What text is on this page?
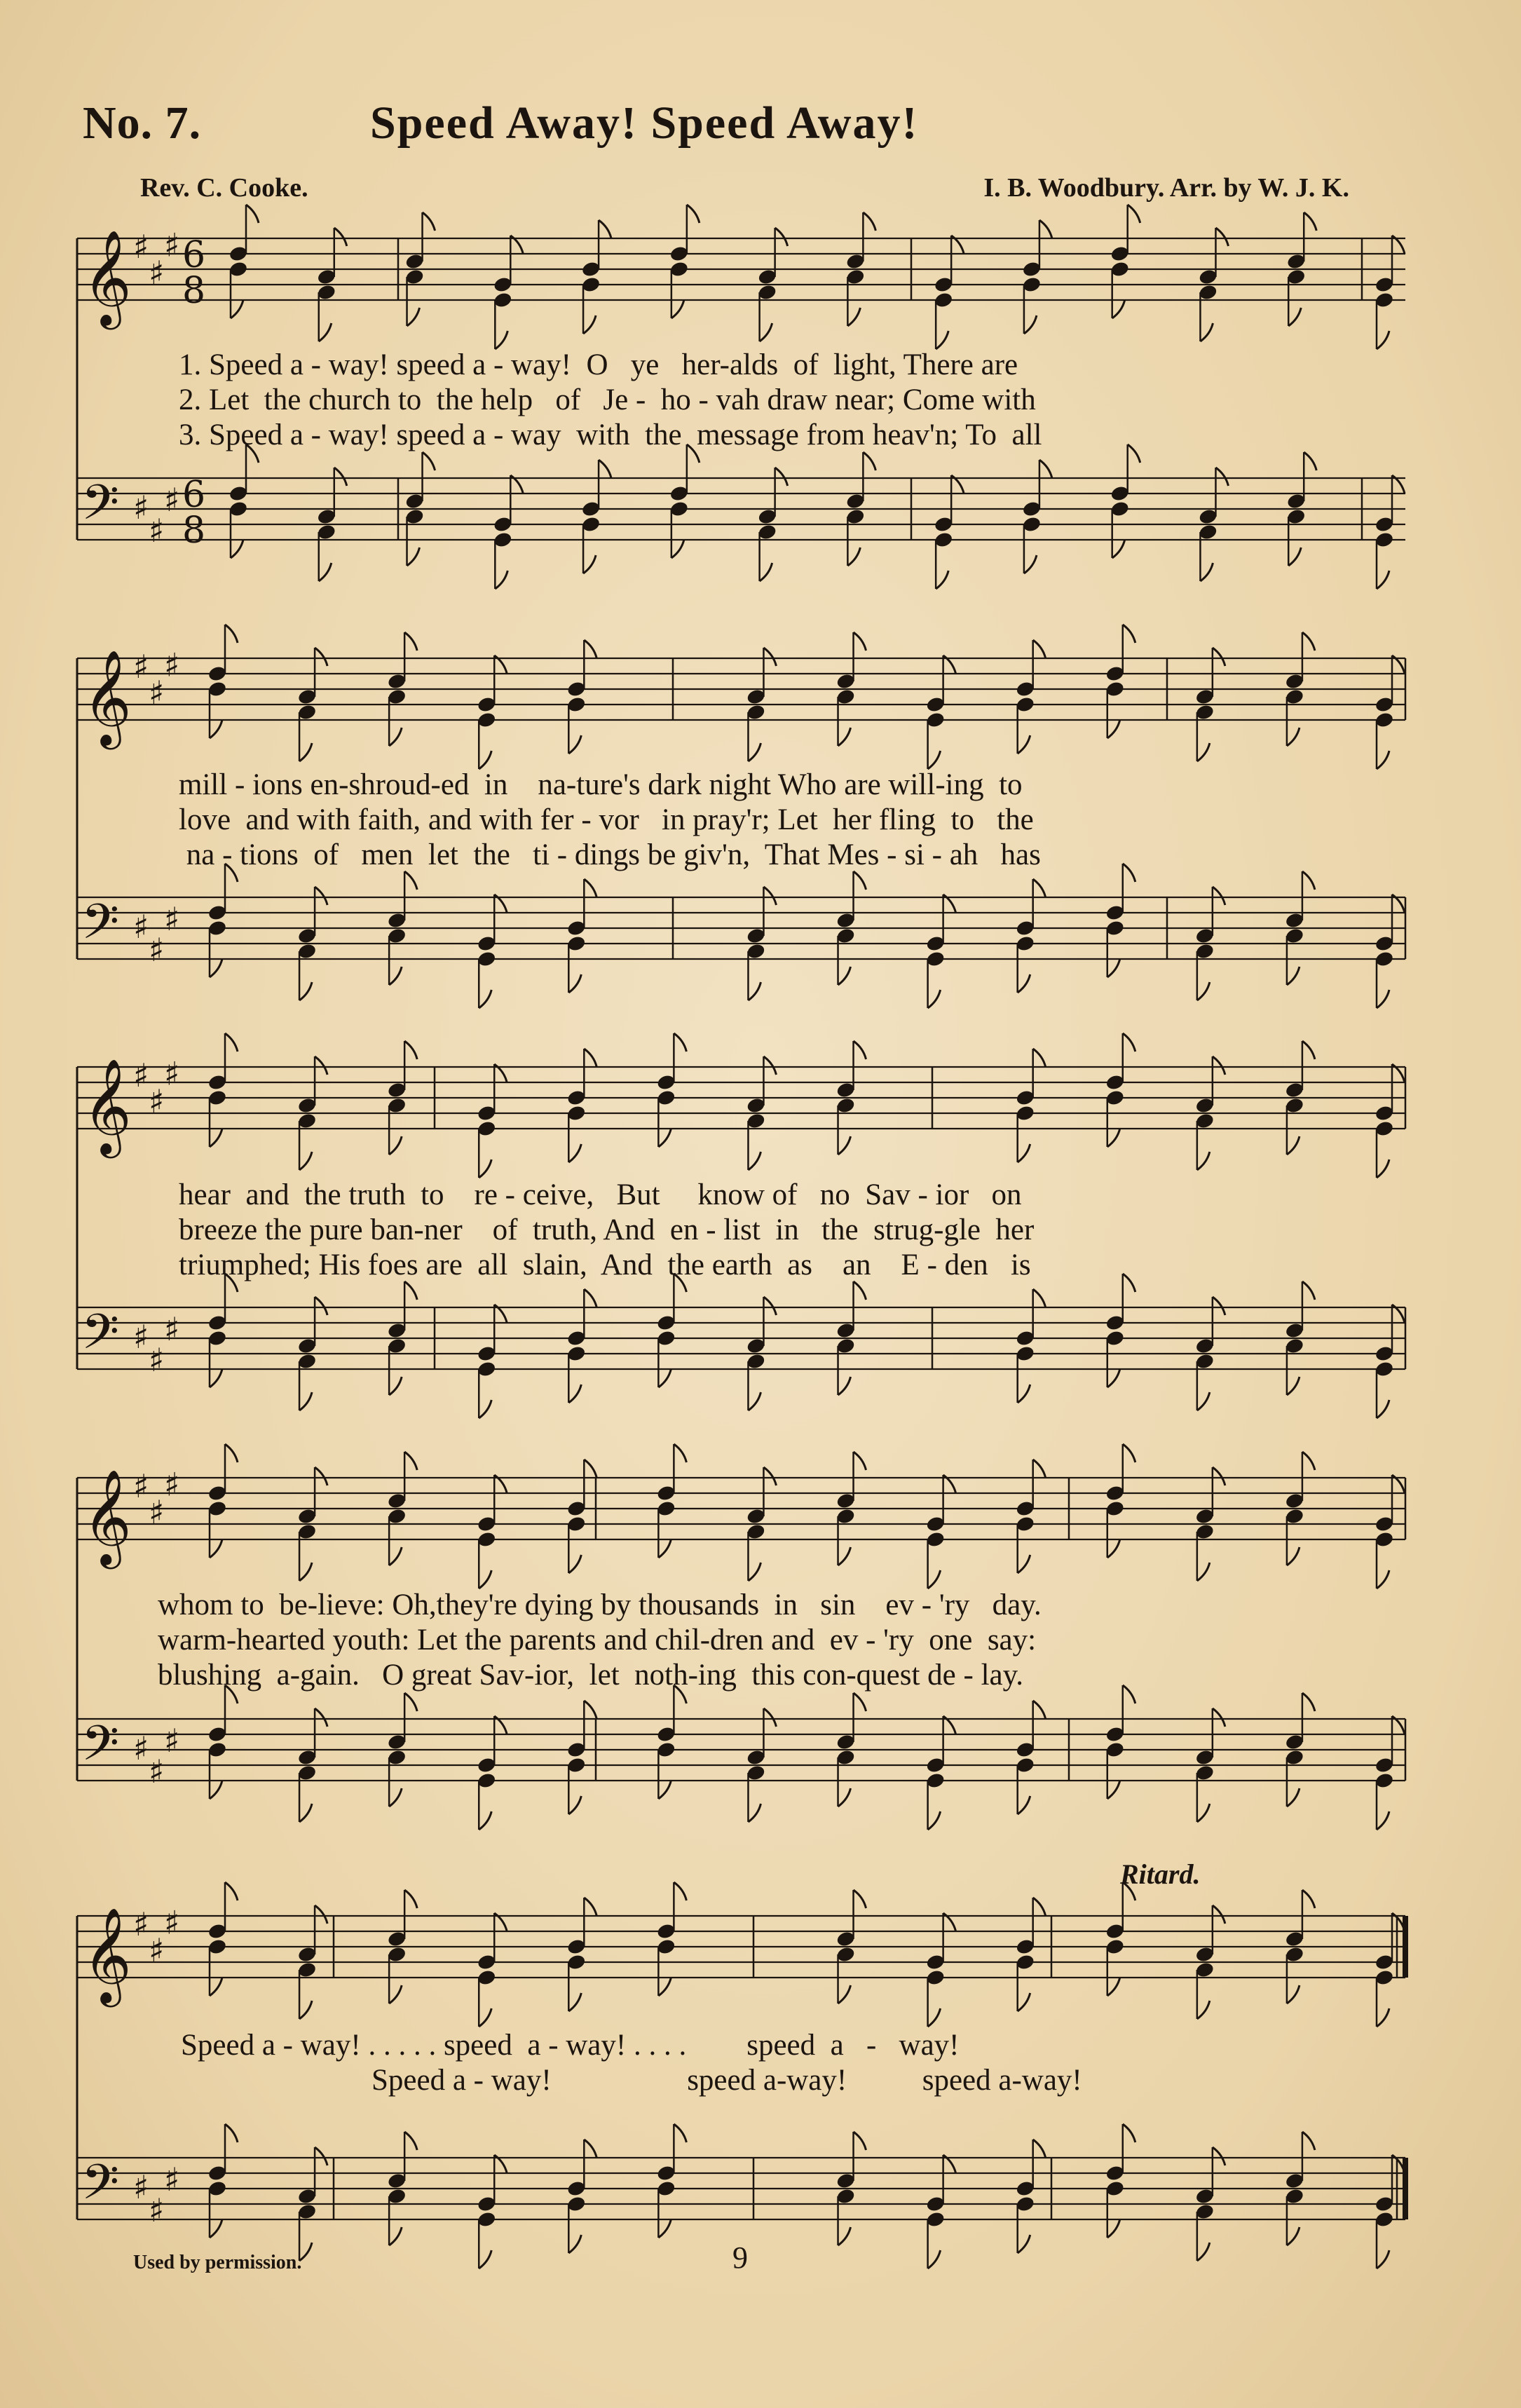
No. 7.	Speed Away! Speed Away!
Rev. C. Cooke.	I. B. Woodbury. Arr. by W. J. K.
𝄞 ♯
♯
♯ 6
8
𝄢 ♯
♯
♯ 6
8
𝄞 ♯
♯
♯
𝄢 ♯
♯
♯
𝄞 ♯
♯
♯
𝄢 ♯
♯
♯
𝄞 ♯
♯
♯
𝄢 ♯
♯
♯
𝄞 ♯
♯
♯
𝄢 ♯
♯
♯

1. Speed a - way! speed a - way!  O   ye   her-alds  of  light, There are

2. Let  the church to  the help   of   Je -  ho - vah draw near; Come with

3. Speed a - way! speed a - way  with  the  message from heav'n; To  all

mill - ions en-shroud-ed  in    na-ture's dark night Who are will-ing  to

love  and with faith, and with fer - vor   in pray'r; Let  her fling  to   the

na - tions  of   men  let  the   ti - dings be giv'n,  That Mes - si - ah   has

hear  and  the truth  to    re - ceive,   But     know of   no  Sav - ior   on

breeze the pure ban-ner    of  truth, And  en - list  in   the  strug-gle  her

triumphed; His foes are  all  slain,  And  the earth  as    an    E - den   is

whom to  be-lieve: Oh,they're dying by thousands  in   sin    ev - 'ry   day.

warm-hearted youth: Let the parents and chil-dren and  ev - 'ry  one  say:

blushing  a-gain.   O great Sav-ior,  let  noth-ing  this con-quest de - lay.

Speed a - way! . . . . . speed  a - way! . . . .        speed  a   -   way!

Speed a - way!                  speed a-way!          speed a-way!

Ritard.
Used by permission.	9
